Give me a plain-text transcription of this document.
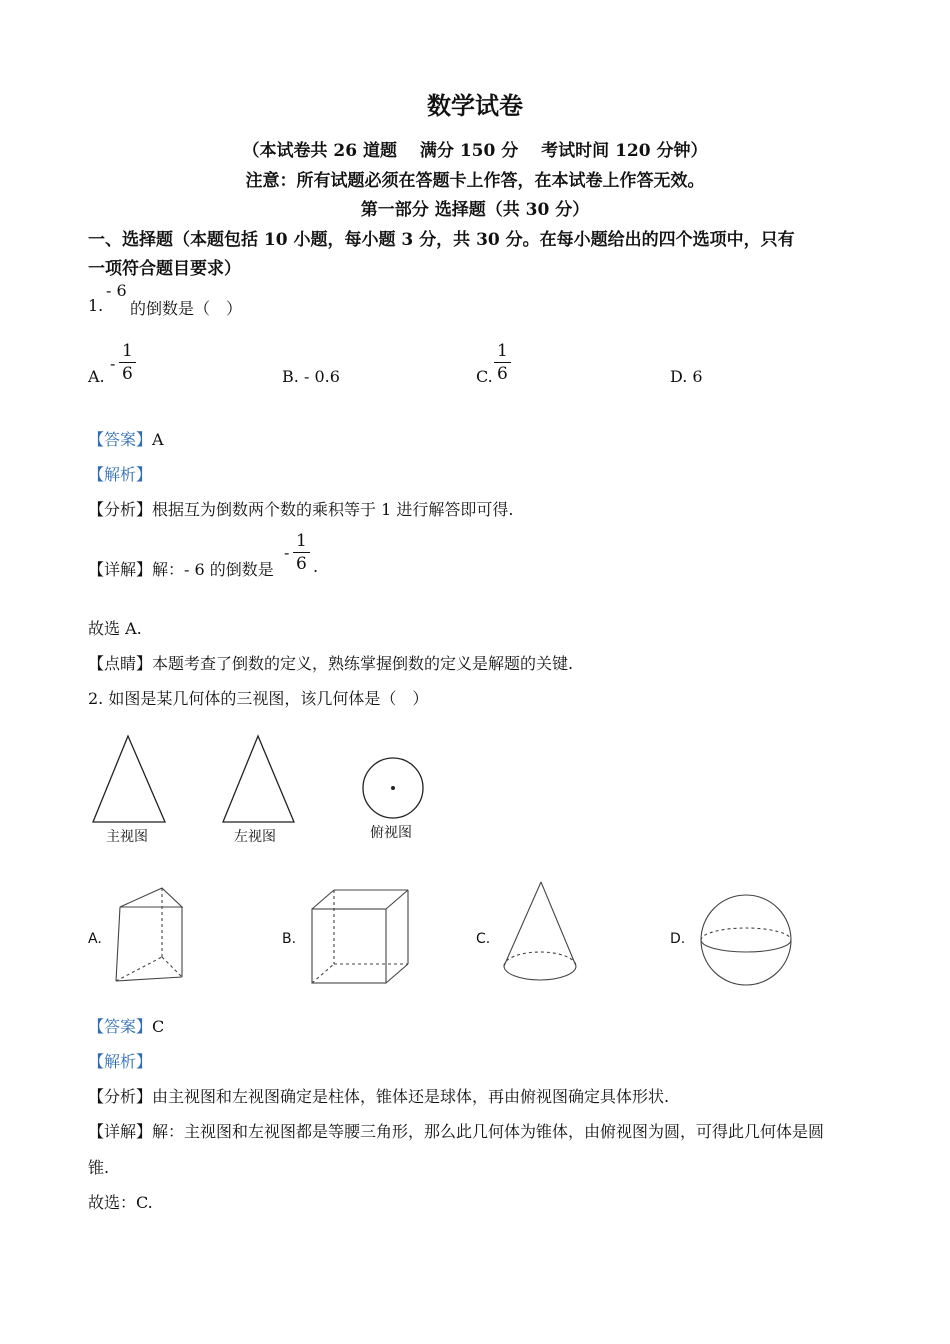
数学试卷
（本试卷共 26 道题　 满分 150 分　 考试时间 120 分钟）
注意：所有试题必须在答题卡上作答，在本试卷上作答无效。
第一部分 选择题（共 30 分）
一、选择题（本题包括 10 小题，每小题 3 分，共 30 分。在每小题给出的四个选项中，只有
一项符合题目要求）
1.
- 6
的倒数是（　）
A.
- $\frac{1}{6}$	B. - 0.6	C. $\frac{1}{6}$	D. 6
【答案】A
【解析】
【分析】根据互为倒数两个数的乘积等于 1 进行解答即可得.
【详解】解：- 6 的倒数是
- $\frac{1}{6}$ .
故选 A.
【点睛】本题考查了倒数的定义，熟练掌握倒数的定义是解题的关键.
2. 如图是某几何体的三视图，该几何体是（　）
主视图	左视图	俯视图
A.	B.	C.	D.
【答案】C
【解析】
【分析】由主视图和左视图确定是柱体，锥体还是球体，再由俯视图确定具体形状.
【详解】解：主视图和左视图都是等腰三角形，那么此几何体为锥体，由俯视图为圆，可得此几何体是圆
锥.
故选：C.
